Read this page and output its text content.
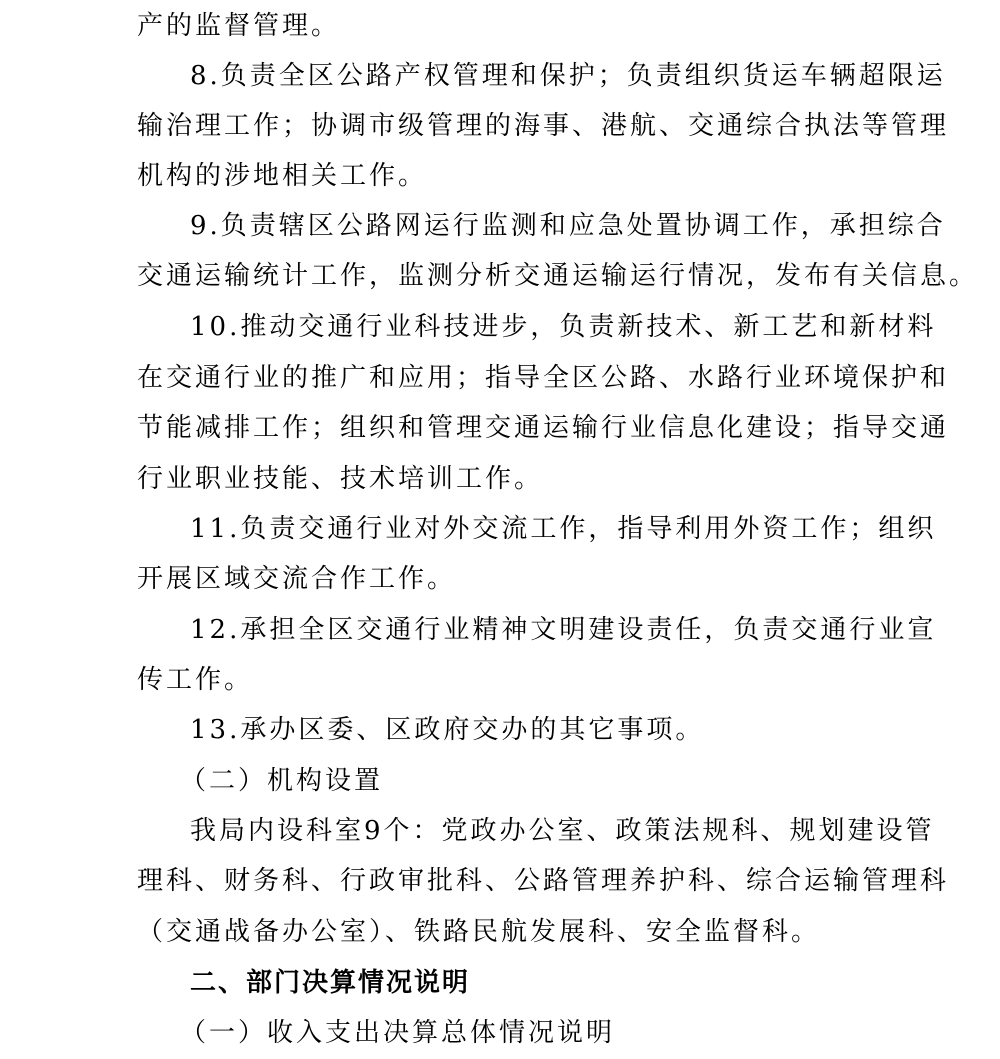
产的监督管理。

8.负责全区公路产权管理和保护；负责组织货运车辆超限运

输治理工作；协调市级管理的海事、港航、交通综合执法等管理

机构的涉地相关工作。

9.负责辖区公路网运行监测和应急处置协调工作，承担综合

交通运输统计工作，监测分析交通运输运行情况，发布有关信息。

10.推动交通行业科技进步，负责新技术、新工艺和新材料

在交通行业的推广和应用；指导全区公路、水路行业环境保护和

节能减排工作；组织和管理交通运输行业信息化建设；指导交通

行业职业技能、技术培训工作。

11.负责交通行业对外交流工作，指导利用外资工作；组织

开展区域交流合作工作。

12.承担全区交通行业精神文明建设责任，负责交通行业宣

传工作。

13.承办区委、区政府交办的其它事项。

（二）机构设置

我局内设科室9个：党政办公室、政策法规科、规划建设管

理科、财务科、行政审批科、公路管理养护科、综合运输管理科

（交通战备办公室）、铁路民航发展科、安全监督科。

二、部门决算情况说明

（一）收入支出决算总体情况说明
